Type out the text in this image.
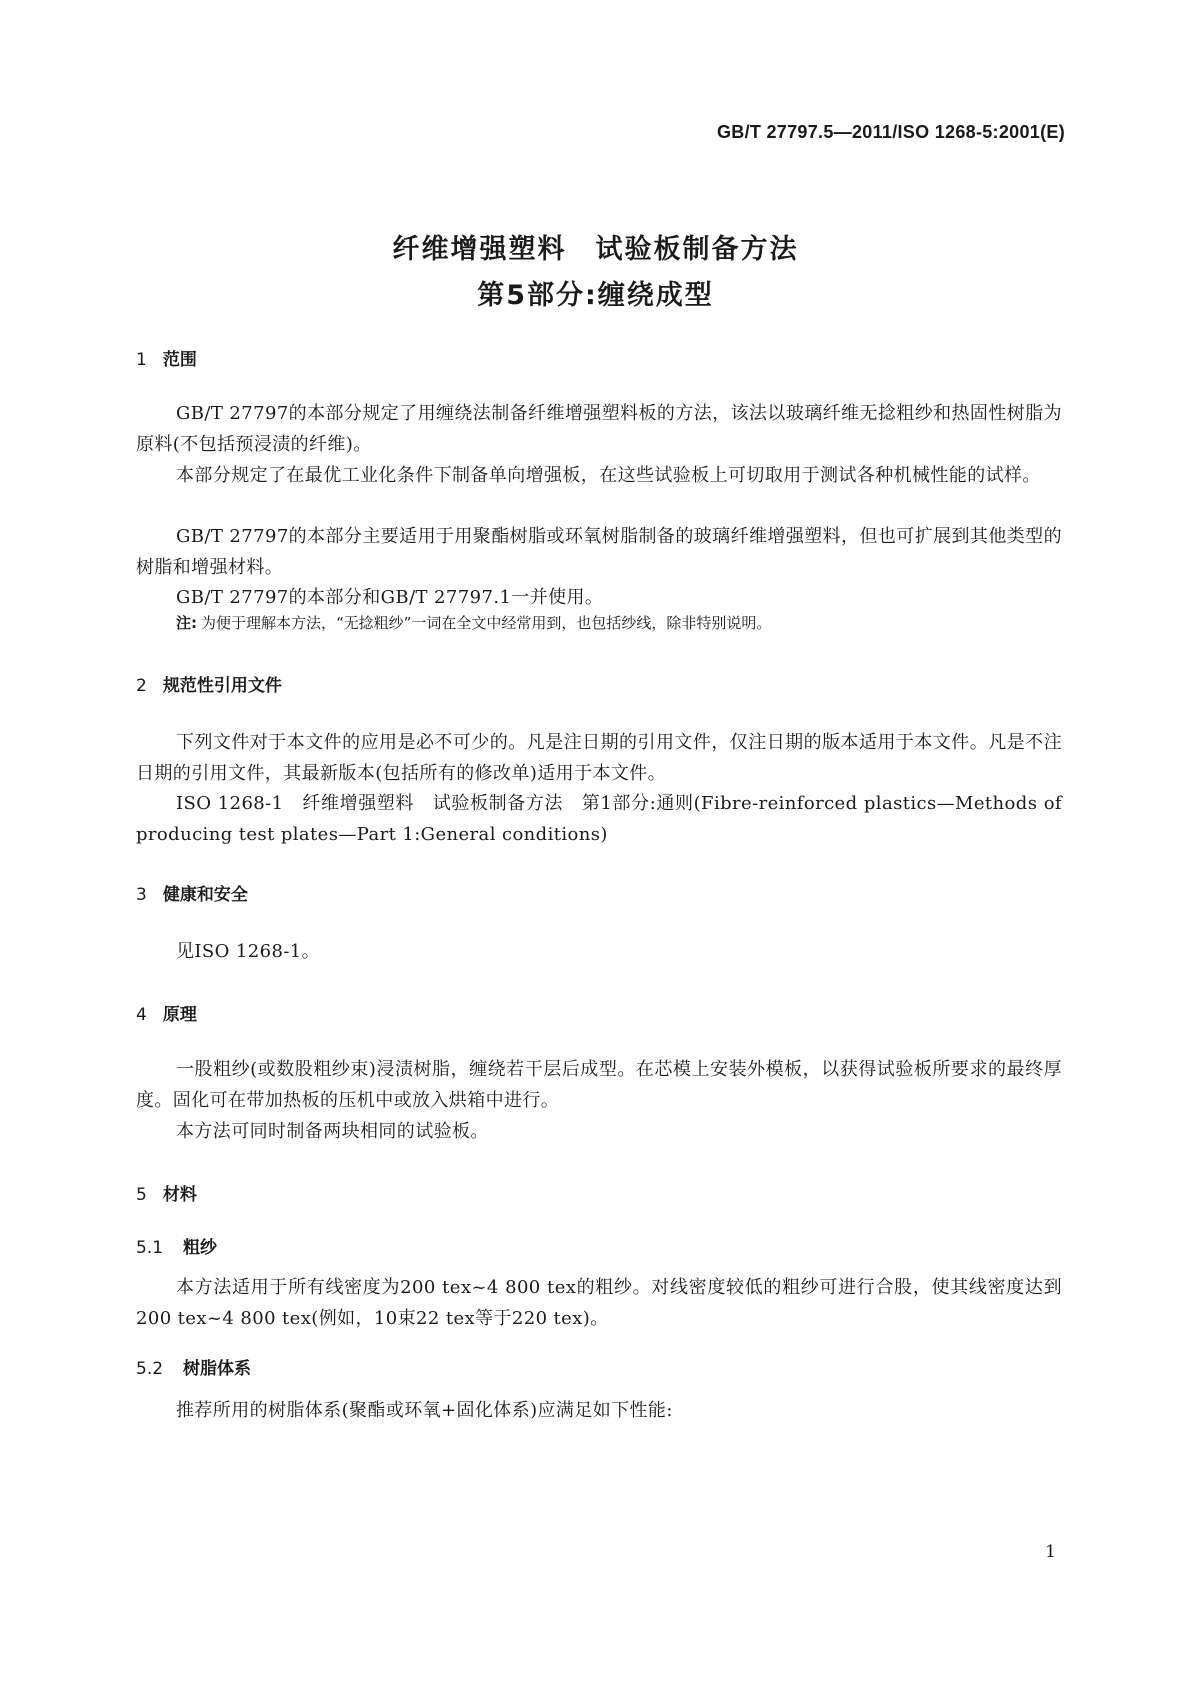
GB/T 27797.5—2011/ISO 1268-5:2001(E)
纤维增强塑料　试验板制备方法
第5部分:缠绕成型
1 范围
GB/T 27797的本部分规定了用缠绕法制备纤维增强塑料板的方法，该法以玻璃纤维无捻粗纱和热固性树脂为原料(不包括预浸渍的纤维)。
本部分规定了在最优工业化条件下制备单向增强板，在这些试验板上可切取用于测试各种机械性能的试样。
GB/T 27797的本部分主要适用于用聚酯树脂或环氧树脂制备的玻璃纤维增强塑料，但也可扩展到其他类型的树脂和增强材料。
GB/T 27797的本部分和GB/T 27797.1一并使用。
注: 为便于理解本方法，“无捻粗纱”一词在全文中经常用到，也包括纱线，除非特别说明。
2 规范性引用文件
下列文件对于本文件的应用是必不可少的。凡是注日期的引用文件，仅注日期的版本适用于本文件。凡是不注日期的引用文件，其最新版本(包括所有的修改单)适用于本文件。
ISO 1268-1　纤维增强塑料　试验板制备方法　第1部分:通则(Fibre-reinforced plastics—Methods of producing test plates—Part 1:General conditions)
3 健康和安全
见ISO 1268-1。
4 原理
一股粗纱(或数股粗纱束)浸渍树脂，缠绕若干层后成型。在芯模上安装外模板，以获得试验板所要求的最终厚度。固化可在带加热板的压机中或放入烘箱中进行。
本方法可同时制备两块相同的试验板。
5 材料
5.1 粗纱
本方法适用于所有线密度为200 tex~4 800 tex的粗纱。对线密度较低的粗纱可进行合股，使其线密度达到200 tex~4 800 tex(例如，10束22 tex等于220 tex)。
5.2 树脂体系
推荐所用的树脂体系(聚酯或环氧+固化体系)应满足如下性能:
1
